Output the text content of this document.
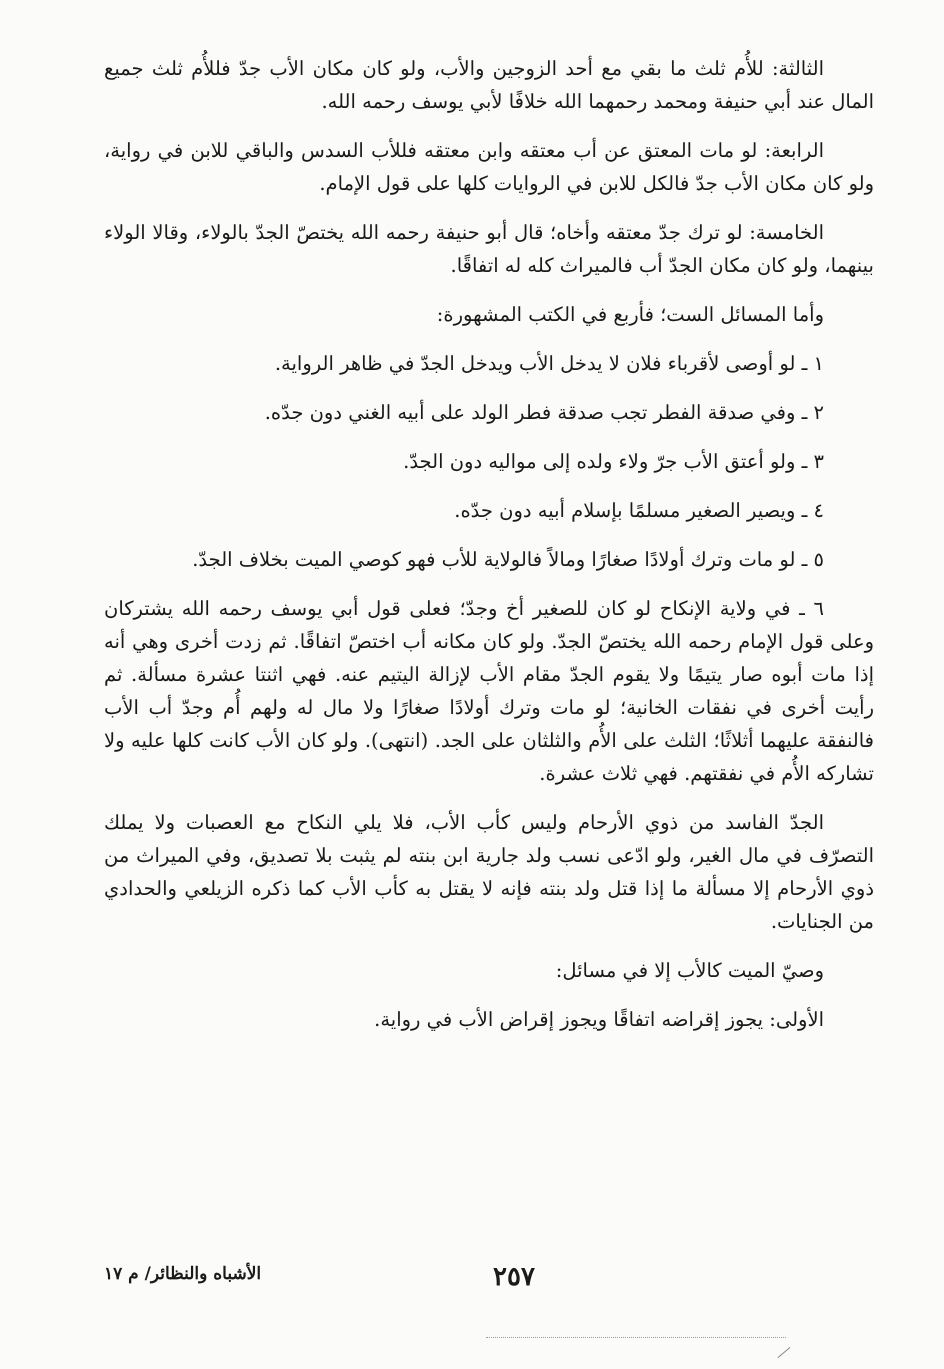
الثالثة: للأُم ثلث ما بقي مع أحد الزوجين والأب، ولو كان مكان الأب جدّ فللأُم ثلث جميع المال عند أبي حنيفة ومحمد رحمهما الله خلافًا لأبي يوسف رحمه الله.

الرابعة: لو مات المعتق عن أب معتقه وابن معتقه فللأب السدس والباقي للابن في رواية، ولو كان مكان الأب جدّ فالكل للابن في الروايات كلها على قول الإمام.

الخامسة: لو ترك جدّ معتقه وأخاه؛ قال أبو حنيفة رحمه الله يختصّ الجدّ بالولاء، وقالا الولاء بينهما، ولو كان مكان الجدّ أب فالميراث كله له اتفاقًا.

وأما المسائل الست؛ فأربع في الكتب المشهورة:

١ ـ لو أوصى لأقرباء فلان لا يدخل الأب ويدخل الجدّ في ظاهر الرواية.

٢ ـ وفي صدقة الفطر تجب صدقة فطر الولد على أبيه الغني دون جدّه.

٣ ـ ولو أعتق الأب جرّ ولاء ولده إلى مواليه دون الجدّ.

٤ ـ ويصير الصغير مسلمًا بإسلام أبيه دون جدّه.

٥ ـ لو مات وترك أولادًا صغارًا ومالاً فالولاية للأب فهو كوصي الميت بخلاف الجدّ.

٦ ـ في ولاية الإنكاح لو كان للصغير أخ وجدّ؛ فعلى قول أبي يوسف رحمه الله يشتركان وعلى قول الإمام رحمه الله يختصّ الجدّ. ولو كان مكانه أب اختصّ اتفاقًا. ثم زدت أخرى وهي أنه إذا مات أبوه صار يتيمًا ولا يقوم الجدّ مقام الأب لإزالة اليتيم عنه. فهي اثنتا عشرة مسألة. ثم رأيت أخرى في نفقات الخانية؛ لو مات وترك أولادًا صغارًا ولا مال له ولهم أُم وجدّ أب الأب فالنفقة عليهما أثلاثًا؛ الثلث على الأُم والثلثان على الجد. (انتهى). ولو كان الأب كانت كلها عليه ولا تشاركه الأُم في نفقتهم. فهي ثلاث عشرة.

الجدّ الفاسد من ذوي الأرحام وليس كأب الأب، فلا يلي النكاح مع العصبات ولا يملك التصرّف في مال الغير، ولو ادّعى نسب ولد جارية ابن بنته لم يثبت بلا تصديق، وفي الميراث من ذوي الأرحام إلا مسألة ما إذا قتل ولد بنته فإنه لا يقتل به كأب الأب كما ذكره الزيلعي والحدادي من الجنايات.

وصيّ الميت كالأب إلا في مسائل:

الأولى: يجوز إقراضه اتفاقًا ويجوز إقراض الأب في رواية.

٢٥٧
الأشباه والنظائر/ م ١٧
